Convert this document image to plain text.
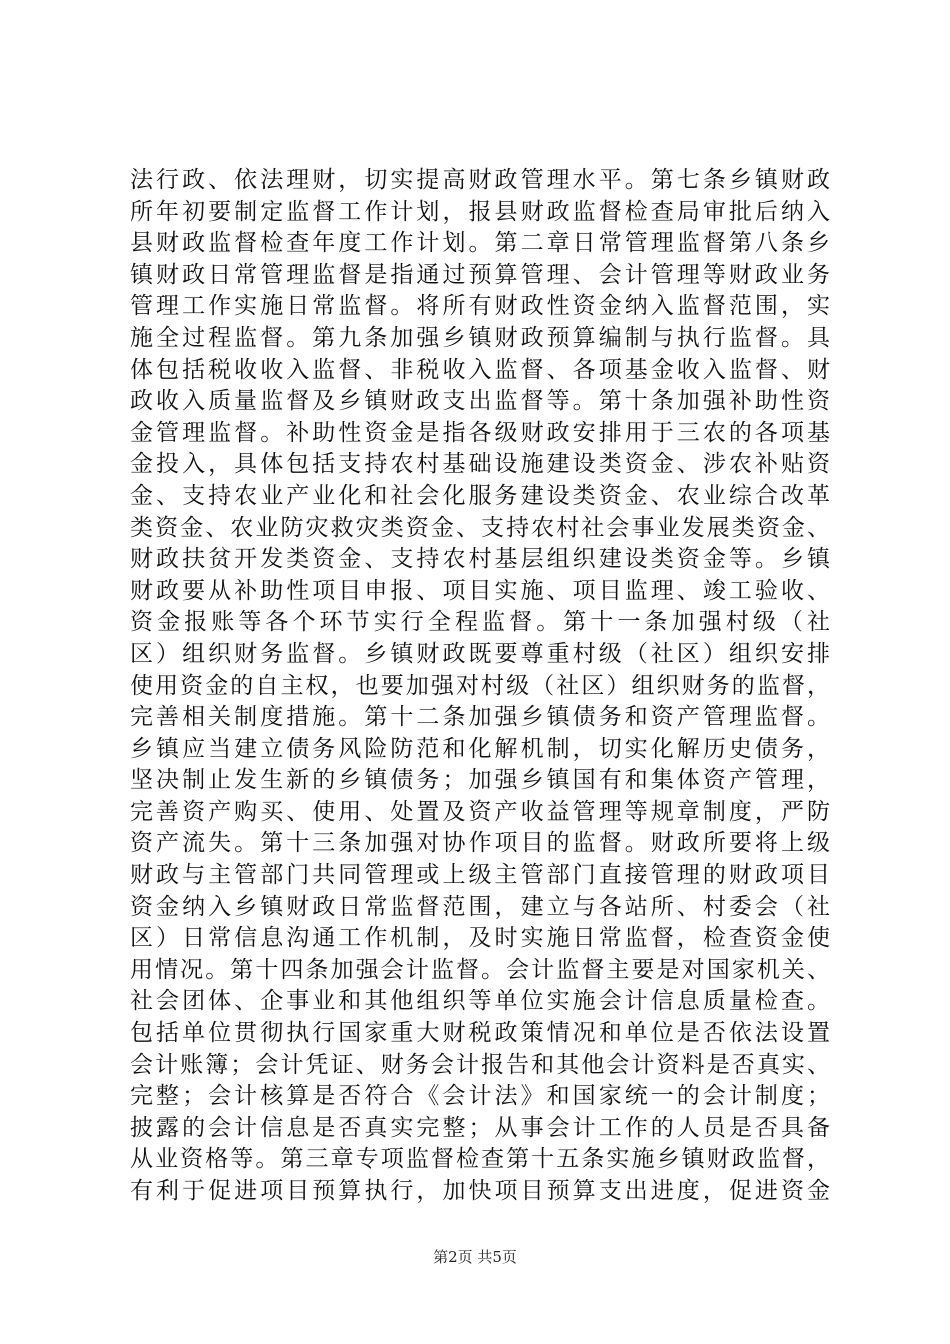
法行政、依法理财，切实提高财政管理水平。第七条乡镇财政
所年初要制定监督工作计划，报县财政监督检查局审批后纳入
县财政监督检查年度工作计划。第二章日常管理监督第八条乡
镇财政日常管理监督是指通过预算管理、会计管理等财政业务
管理工作实施日常监督。将所有财政性资金纳入监督范围，实
施全过程监督。第九条加强乡镇财政预算编制与执行监督。具
体包括税收收入监督、非税收入监督、各项基金收入监督、财
政收入质量监督及乡镇财政支出监督等。第十条加强补助性资
金管理监督。补助性资金是指各级财政安排用于三农的各项基
金投入，具体包括支持农村基础设施建设类资金、涉农补贴资
金、支持农业产业化和社会化服务建设类资金、农业综合改革
类资金、农业防灾救灾类资金、支持农村社会事业发展类资金、
财政扶贫开发类资金、支持农村基层组织建设类资金等。乡镇
财政要从补助性项目申报、项目实施、项目监理、竣工验收、
资金报账等各个环节实行全程监督。第十一条加强村级（社
区）组织财务监督。乡镇财政既要尊重村级（社区）组织安排
使用资金的自主权，也要加强对村级（社区）组织财务的监督，
完善相关制度措施。第十二条加强乡镇债务和资产管理监督。
乡镇应当建立债务风险防范和化解机制，切实化解历史债务，
坚决制止发生新的乡镇债务；加强乡镇国有和集体资产管理，
完善资产购买、使用、处置及资产收益管理等规章制度，严防
资产流失。第十三条加强对协作项目的监督。财政所要将上级
财政与主管部门共同管理或上级主管部门直接管理的财政项目
资金纳入乡镇财政日常监督范围，建立与各站所、村委会（社
区）日常信息沟通工作机制，及时实施日常监督，检查资金使
用情况。第十四条加强会计监督。会计监督主要是对国家机关、
社会团体、企事业和其他组织等单位实施会计信息质量检查。
包括单位贯彻执行国家重大财税政策情况和单位是否依法设置
会计账簿；会计凭证、财务会计报告和其他会计资料是否真实、
完整；会计核算是否符合《会计法》和国家统一的会计制度；
披露的会计信息是否真实完整；从事会计工作的人员是否具备
从业资格等。第三章专项监督检查第十五条实施乡镇财政监督，
有利于促进项目预算执行，加快项目预算支出进度，促进资金
第2页 共5页
